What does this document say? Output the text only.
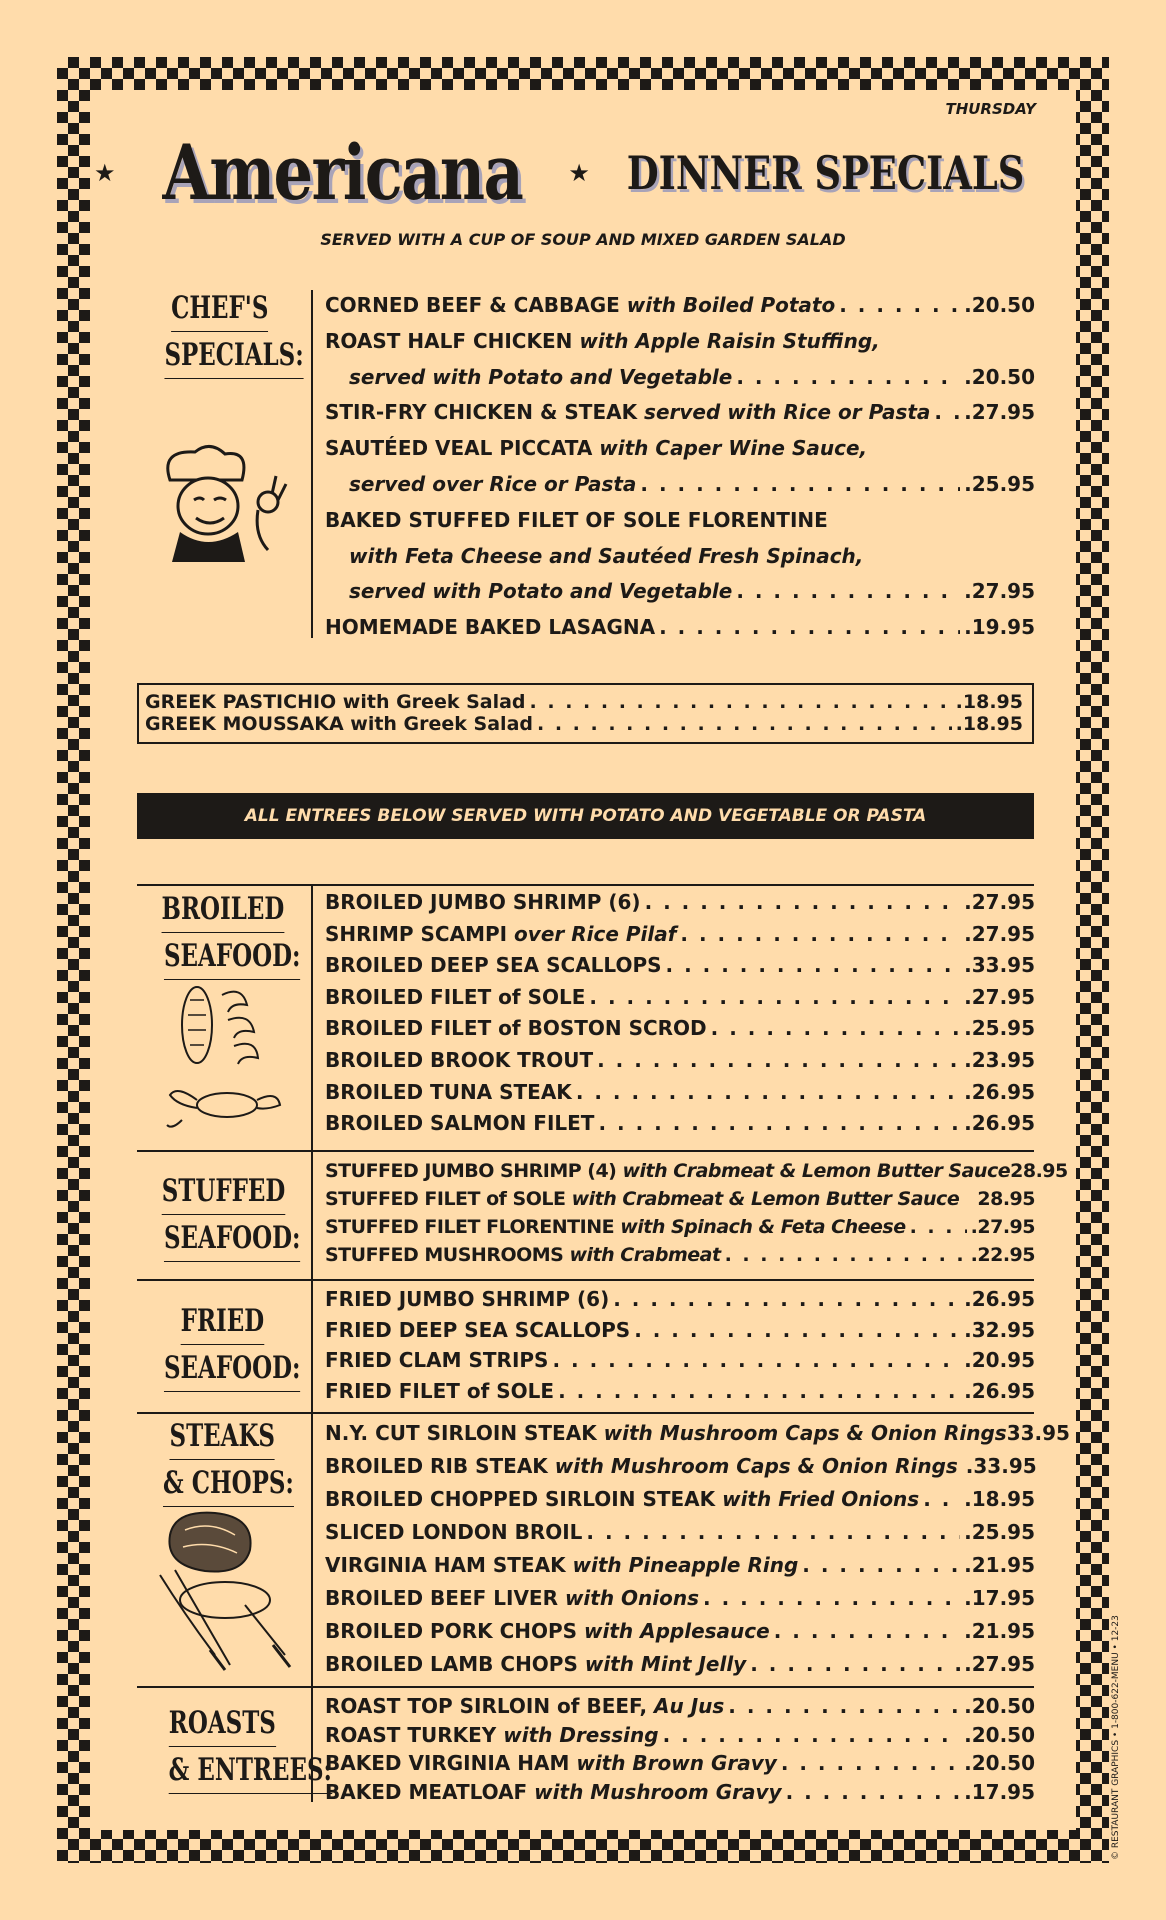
THURSDAY
★ Americana ★ DINNER SPECIALS
SERVED WITH A CUP OF SOUP AND MIXED GARDEN SALAD
CHEF'S
SPECIALS:
CORNED BEEF & CABBAGE with Boiled Potato . . .	.20.50
ROAST HALF CHICKEN with Apple Raisin Stuffing,
served with Potato and Vegetable . . .	.20.50
STIR-FRY CHICKEN & STEAK served with Rice or Pasta . . . .27.95
SAUTÉED VEAL PICCATA with Caper Wine Sauce,
served over Rice or Pasta . . .	.25.95
BAKED STUFFED FILET OF SOLE FLORENTINE
with Feta Cheese and Sautéed Fresh Spinach,
served with Potato and Vegetable . . .	.27.95
HOMEMADE BAKED LASAGNA . . .	.19.95
GREEK PASTICHIO with Greek Salad . . .	.18.95
GREEK MOUSSAKA with Greek Salad . . .	.18.95
ALL ENTREES BELOW SERVED WITH POTATO AND VEGETABLE OR PASTA
BROILED
SEAFOOD:
BROILED JUMBO SHRIMP (6) . . .	.27.95
SHRIMP SCAMPI over Rice Pilaf . . .	.27.95
BROILED DEEP SEA SCALLOPS . . .	.33.95
BROILED FILET of SOLE . . .	.27.95
BROILED FILET of BOSTON SCROD . . .	.25.95
BROILED BROOK TROUT . . .	.23.95
BROILED TUNA STEAK . . .	.26.95
BROILED SALMON FILET . . .	.26.95
STUFFED
SEAFOOD:
STUFFED JUMBO SHRIMP (4) with Crabmeat & Lemon Butter Sauce 28.95
STUFFED FILET of SOLE with Crabmeat & Lemon Butter Sauce 28.95
STUFFED FILET FLORENTINE with Spinach & Feta Cheese . . .	.27.95
STUFFED MUSHROOMS with Crabmeat . . .	.22.95
FRIED
SEAFOOD:
FRIED JUMBO SHRIMP (6) . . .	.26.95
FRIED DEEP SEA SCALLOPS . . .	.32.95
FRIED CLAM STRIPS . . .	.20.95
FRIED FILET of SOLE . . .	.26.95
STEAKS
& CHOPS:
N.Y. CUT SIRLOIN STEAK with Mushroom Caps & Onion Rings 33.95
BROILED RIB STEAK with Mushroom Caps & Onion Rings .33.95
BROILED CHOPPED SIRLOIN STEAK with Fried Onions . . . .18.95
SLICED LONDON BROIL . . .	.25.95
VIRGINIA HAM STEAK with Pineapple Ring . . .	.21.95
BROILED BEEF LIVER with Onions . . .	.17.95
BROILED PORK CHOPS with Applesauce . . .	.21.95
BROILED LAMB CHOPS with Mint Jelly . . .	.27.95
ROASTS
& ENTREES:
ROAST TOP SIRLOIN of BEEF, Au Jus . . .	.20.50
ROAST TURKEY with Dressing . . .	.20.50
BAKED VIRGINIA HAM with Brown Gravy . . .	.20.50
BAKED MEATLOAF with Mushroom Gravy . . .	.17.95	© RESTAURANT GRAPHICS • 1-800-622-MENU • 12-23
